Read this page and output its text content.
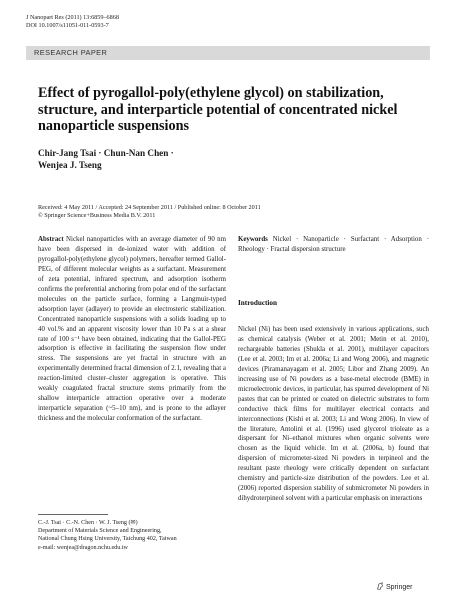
J Nanopart Res (2011) 13:6859–6868
DOI 10.1007/s11051-011-0593-7
RESEARCH PAPER
Effect of pyrogallol-poly(ethylene glycol) on stabilization, structure, and interparticle potential of concentrated nickel nanoparticle suspensions
Chir-Jang Tsai · Chun-Nan Chen ·
Wenjea J. Tseng
Received: 4 May 2011 / Accepted: 24 September 2011 / Published online: 8 October 2011
© Springer Science+Business Media B.V. 2011
Abstract Nickel nanoparticles with an average diameter of 90 nm have been dispersed in de-ionized water with addition of pyrogallol-poly(ethylene glycol) polymers, hereafter termed Gallol-PEG, of different molecular weights as a surfactant. Measurement of zeta potential, infrared spectrum, and adsorption isotherm confirms the preferential anchoring from polar end of the surfactant molecules on the particle surface, forming a Langmuir-typed adsorption layer (adlayer) to provide an electrosteric stabilization. Concentrated nanoparticle suspensions with a solids loading up to 40 vol.% and an apparent viscosity lower than 10 Pa s at a shear rate of 100 s⁻¹ have been obtained, indicating that the Gallol-PEG adsorption is effective in facilitating the suspension flow under stress. The suspensions are yet fractal in structure with an experimentally determined fractal dimension of 2.1, revealing that a reaction-limited cluster–cluster aggregation is operative. This weakly coagulated fractal structure stems primarily from the shallow interparticle attraction operative over a moderate interparticle separation (~5–10 nm), and is prone to the adlayer thickness and the molecular conformation of the surfactant.
Keywords Nickel · Nanoparticle · Surfactant · Adsorption · Rheology · Fractal dispersion structure
Introduction
Nickel (Ni) has been used extensively in various applications, such as chemical catalysis (Weber et al. 2001; Metin et al. 2010), rechargeable batteries (Shukla et al. 2001), multilayer capacitors (Lee et al. 2003; Im et al. 2006a; Li and Wong 2006), and magnetic devices (Piramanayagam et al. 2005; Libor and Zhang 2009). An increasing use of Ni powders as a base-metal electrode (BME) in microelectronic devices, in particular, has spurred development of Ni pastes that can be printed or coated on dielectric substrates to form conductive thick films for multilayer electrical contacts and interconnections (Kishi et al. 2003; Li and Wong 2006). In view of the literature, Antolini et al. (1996) used glycerol trioleate as a dispersant for Ni–ethanol mixtures when organic solvents were chosen as the liquid vehicle. Im et al. (2006a, b) found that dispersion of micrometer-sized Ni powders in terpineol and the resultant paste rheology were critically dependent on surfactant chemistry and particle-size distribution of the powders. Lee et al. (2006) reported dispersion stability of submicrometer Ni powders in dihydroterpineol solvent with a particular emphasis on interactions
C.-J. Tsai · C.-N. Chen · W. J. Tseng (✉)
Department of Materials Science and Engineering,
National Chung Hsing University, Taichung 402, Taiwan
e-mail: wenjea@dragon.nchu.edu.tw
Springer
